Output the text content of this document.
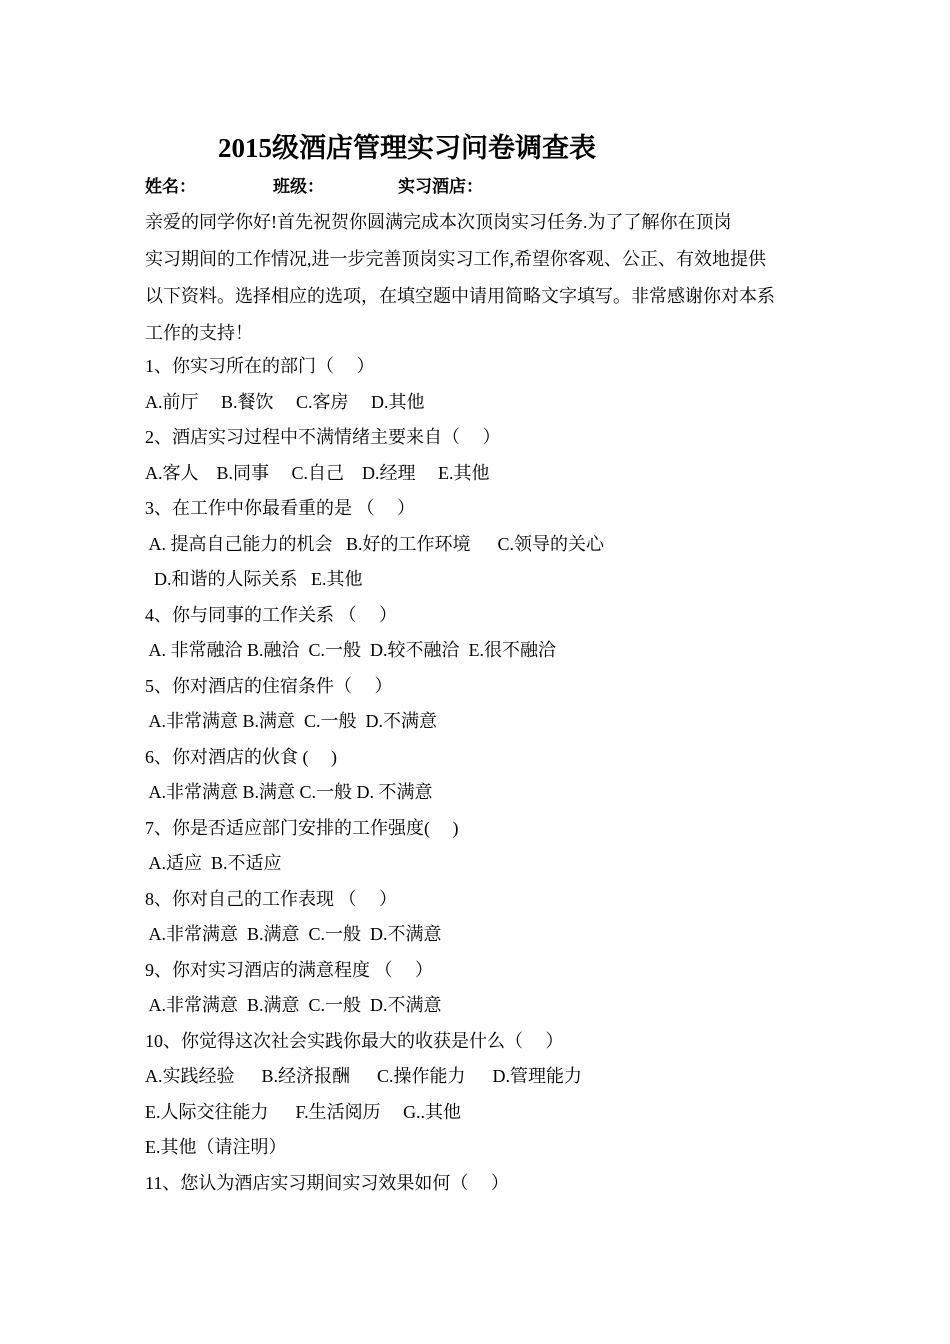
2015级酒店管理实习问卷调查表
姓名：	班级：	实习酒店：
亲爱的同学你好!首先祝贺你圆满完成本次顶岗实习任务.为了了解你在顶岗
实习期间的工作情况,进一步完善顶岗实习工作,希望你客观、公正、有效地提供
以下资料。选择相应的选项，在填空题中请用简略文字填写。非常感谢你对本系
工作的支持！
1、你实习所在的部门（     ）
A.前厅     B.餐饮     C.客房     D.其他
2、酒店实习过程中不满情绪主要来自（     ）
A.客人    B.同事     C.自己    D.经理     E.其他
3、在工作中你最看重的是 （     ）
A. 提高自己能力的机会   B.好的工作环境      C.领导的关心
D.和谐的人际关系   E.其他
4、你与同事的工作关系 （     ）
A. 非常融洽 B.融洽  C.一般  D.较不融洽  E.很不融洽
5、你对酒店的住宿条件（     ）
A.非常满意 B.满意  C.一般  D.不满意
6、你对酒店的伙食 (     )
A.非常满意 B.满意 C.一般 D. 不满意
7、你是否适应部门安排的工作强度(     )
A.适应  B.不适应
8、你对自己的工作表现 （     ）
A.非常满意  B.满意  C.一般  D.不满意
9、你对实习酒店的满意程度 （     ）
A.非常满意  B.满意  C.一般  D.不满意
10、你觉得这次社会实践你最大的收获是什么（     ）
A.实践经验      B.经济报酬      C.操作能力      D.管理能力
E.人际交往能力      F.生活阅历     G..其他
E.其他（请注明）
11、您认为酒店实习期间实习效果如何（     ）
